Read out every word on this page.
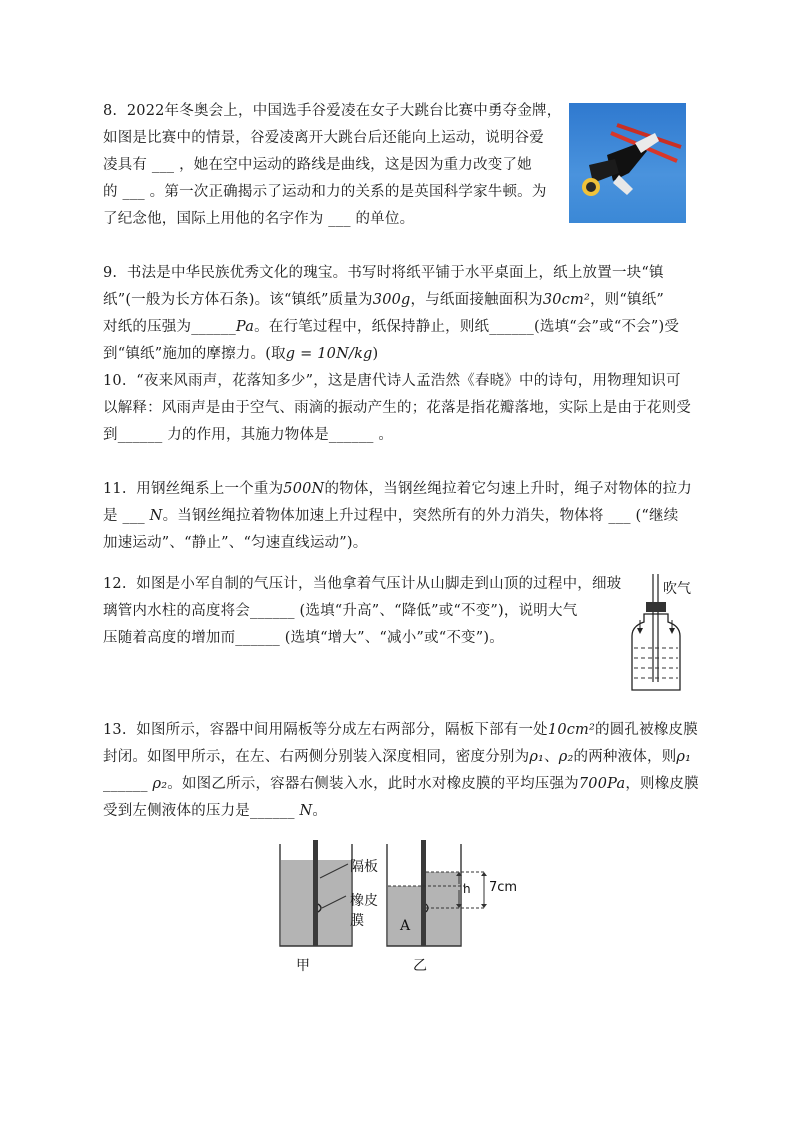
8.  2022年冬奥会上，中国选手谷爱凌在女子大跳台比赛中勇夺金牌，
如图是比赛中的情景，谷爱凌离开大跳台后还能向上运动，说明谷爱
凌具有 ___ ，她在空中运动的路线是曲线，这是因为重力改变了她
的 ___ 。第一次正确揭示了运动和力的关系的是英国科学家牛顿。为
了纪念他，国际上用他的名字作为 ___ 的单位。
9.  书法是中华民族优秀文化的瑰宝。书写时将纸平铺于水平桌面上，纸上放置一块“镇
纸”(一般为长方体石条)。该“镇纸”质量为300g，与纸面接触面积为30cm²，则“镇纸”
对纸的压强为______Pa。在行笔过程中，纸保持静止，则纸______(选填“会”或“不会”)受
到“镇纸”施加的摩擦力。(取g = 10N/kg)
10.  “夜来风雨声，花落知多少”，这是唐代诗人孟浩然《春晓》中的诗句，用物理知识可
以解释：风雨声是由于空气、雨滴的振动产生的；花落是指花瓣落地，实际上是由于花则受
到______ 力的作用，其施力物体是______ 。
11.  用钢丝绳系上一个重为500N的物体，当钢丝绳拉着它匀速上升时，绳子对物体的拉力
是 ___ N。当钢丝绳拉着物体加速上升过程中，突然所有的外力消失，物体将 ___ (“继续
加速运动”、“静止”、“匀速直线运动”)。
12.  如图是小军自制的气压计，当他拿着气压计从山脚走到山顶的过程中，细玻
璃管内水柱的高度将会______ (选填“升高”、“降低”或“不变”)，说明大气
压随着高度的增加而______ (选填“增大”、“减小”或“不变”)。
吹气
13.  如图所示，容器中间用隔板等分成左右两部分，隔板下部有一处10cm²的圆孔被橡皮膜
封闭。如图甲所示，在左、右两侧分别装入深度相同，密度分别为ρ₁、ρ₂的两种液体，则ρ₁
______ ρ₂。如图乙所示，容器右侧装入水，此时水对橡皮膜的平均压强为700Pa，则橡皮膜
受到左侧液体的压力是______ N。
隔板
橡皮
膜	A
h 7cm
甲	乙
